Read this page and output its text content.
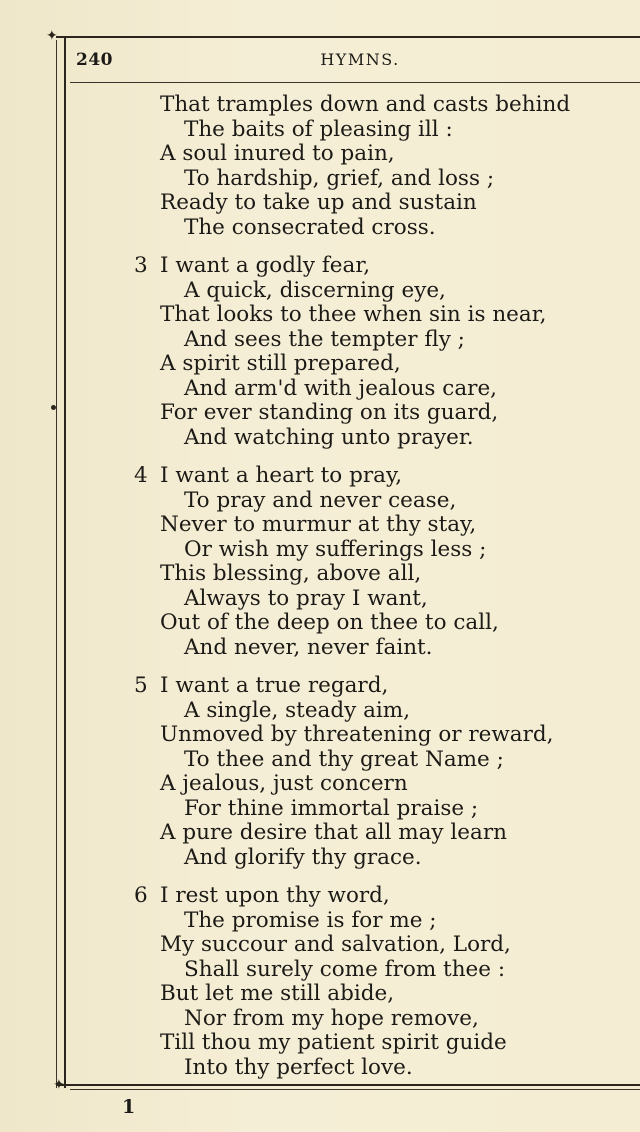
✦
✦
240	HYMNS.
That tramples down and casts behind
The baits of pleasing ill :
A soul inured to pain,
To hardship, grief, and loss ;
Ready to take up and sustain
The consecrated cross.
3 I want a godly fear,
A quick, discerning eye,
That looks to thee when sin is near,
And sees the tempter fly ;
A spirit still prepared,
And arm'd with jealous care,
For ever standing on its guard,
And watching unto prayer.
4 I want a heart to pray,
To pray and never cease,
Never to murmur at thy stay,
Or wish my sufferings less ;
This blessing, above all,
Always to pray I want,
Out of the deep on thee to call,
And never, never faint.
5 I want a true regard,
A single, steady aim,
Unmoved by threatening or reward,
To thee and thy great Name ;
A jealous, just concern
For thine immortal praise ;
A pure desire that all may learn
And glorify thy grace.
6 I rest upon thy word,
The promise is for me ;
My succour and salvation, Lord,
Shall surely come from thee :
But let me still abide,
Nor from my hope remove,
Till thou my patient spirit guide
Into thy perfect love.
1
